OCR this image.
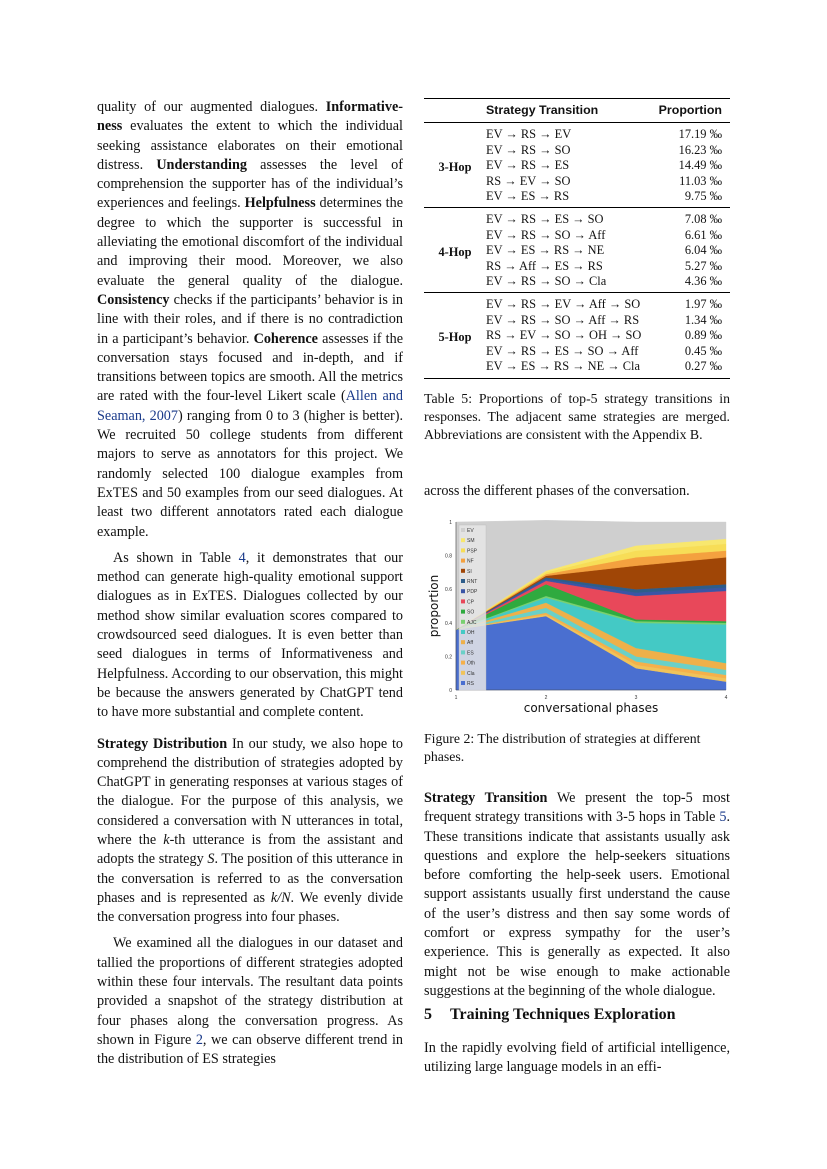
quality of our augmented dialogues. Informative-ness evaluates the extent to which the individual seeking assistance elaborates on their emotional distress. Understanding assesses the level of comprehension the supporter has of the individual’s experiences and feelings. Helpfulness determines the degree to which the supporter is successful in alleviating the emotional discomfort of the individual and improving their mood. Moreover, we also evaluate the general quality of the dialogue. Consistency checks if the participants’ behavior is in line with their roles, and if there is no contradiction in a participant’s behavior. Coherence assesses if the conversation stays focused and in-depth, and if transitions between topics are smooth. All the metrics are rated with the four-level Likert scale (Allen and Seaman, 2007) ranging from 0 to 3 (higher is better). We recruited 50 college students from different majors to serve as annotators for this project. We randomly selected 100 dialogue examples from ExTES and 50 examples from our seed dialogues. At least two different annotators rated each dialogue example.

As shown in Table 4, it demonstrates that our method can generate high-quality emotional support dialogues as in ExTES. Dialogues collected by our method show similar evaluation scores compared to crowdsourced seed dialogues. It is even better than seed dialogues in terms of Informativeness and Helpfulness. According to our observation, this might be because the answers generated by ChatGPT tend to have more substantial and complete content.

Strategy Distribution In our study, we also hope to comprehend the distribution of strategies adopted by ChatGPT in generating responses at various stages of the dialogue. For the purpose of this analysis, we considered a conversation with N utterances in total, where the k-th utterance is from the assistant and adopts the strategy S. The position of this utterance in the conversation is referred to as the conversation phases and is represented as k/N. We evenly divide the conversation progress into four phases.

We examined all the dialogues in our dataset and tallied the proportions of different strategies adopted within these four intervals. The resultant data points provided a snapshot of the strategy distribution at four phases along the conversation progress. As shown in Figure 2, we can observe different trend in the distribution of ES strategies

	Strategy Transition	Proportion
3-Hop	EV → RS → EV	17.19 ‰
	EV → RS → SO	16.23 ‰
	EV → RS → ES	14.49 ‰
	RS → EV → SO	11.03 ‰
	EV → ES → RS	9.75 ‰
4-Hop	EV → RS → ES → SO	7.08 ‰
	EV → RS → SO → Aff	6.61 ‰
	EV → ES → RS → NE	6.04 ‰
	RS → Aff → ES → RS	5.27 ‰
	EV → RS → SO → Cla	4.36 ‰
5-Hop	EV → RS → EV → Aff → SO	1.97 ‰
	EV → RS → SO → Aff → RS	1.34 ‰
	RS → EV → SO → OH → SO	0.89 ‰
	EV → RS → ES → SO → Aff	0.45 ‰
	EV → ES → RS → NE → Cla	0.27 ‰
Table 5: Proportions of top-5 strategy transitions in responses. The adjacent same strategies are merged. Abbreviations are consistent with the Appendix B.
across the different phases of the conversation.
1	2	3	4
0
0.2
0.4
0.6
0.8
1
conversational phases
proportion
EV
SM
PSP
NF
SI
RNT
PDP
CP
SO
AJC
OH
Aff
ES
Oth
Cla
RS
Figure 2: The distribution of strategies at different phases.
Strategy Transition We present the top-5 most frequent strategy transitions with 3-5 hops in Table 5. These transitions indicate that assistants usually ask questions and explore the help-seekers situations before comforting the help-seek users. Emotional support assistants usually first understand the cause of the user’s distress and then say some words of comfort or express sympathy for the user’s experience. This is generally as expected. It also might not be wise enough to make actionable suggestions at the beginning of the whole dialogue.
5 Training Techniques Exploration
In the rapidly evolving field of artificial intelligence, utilizing large language models in an effi-
